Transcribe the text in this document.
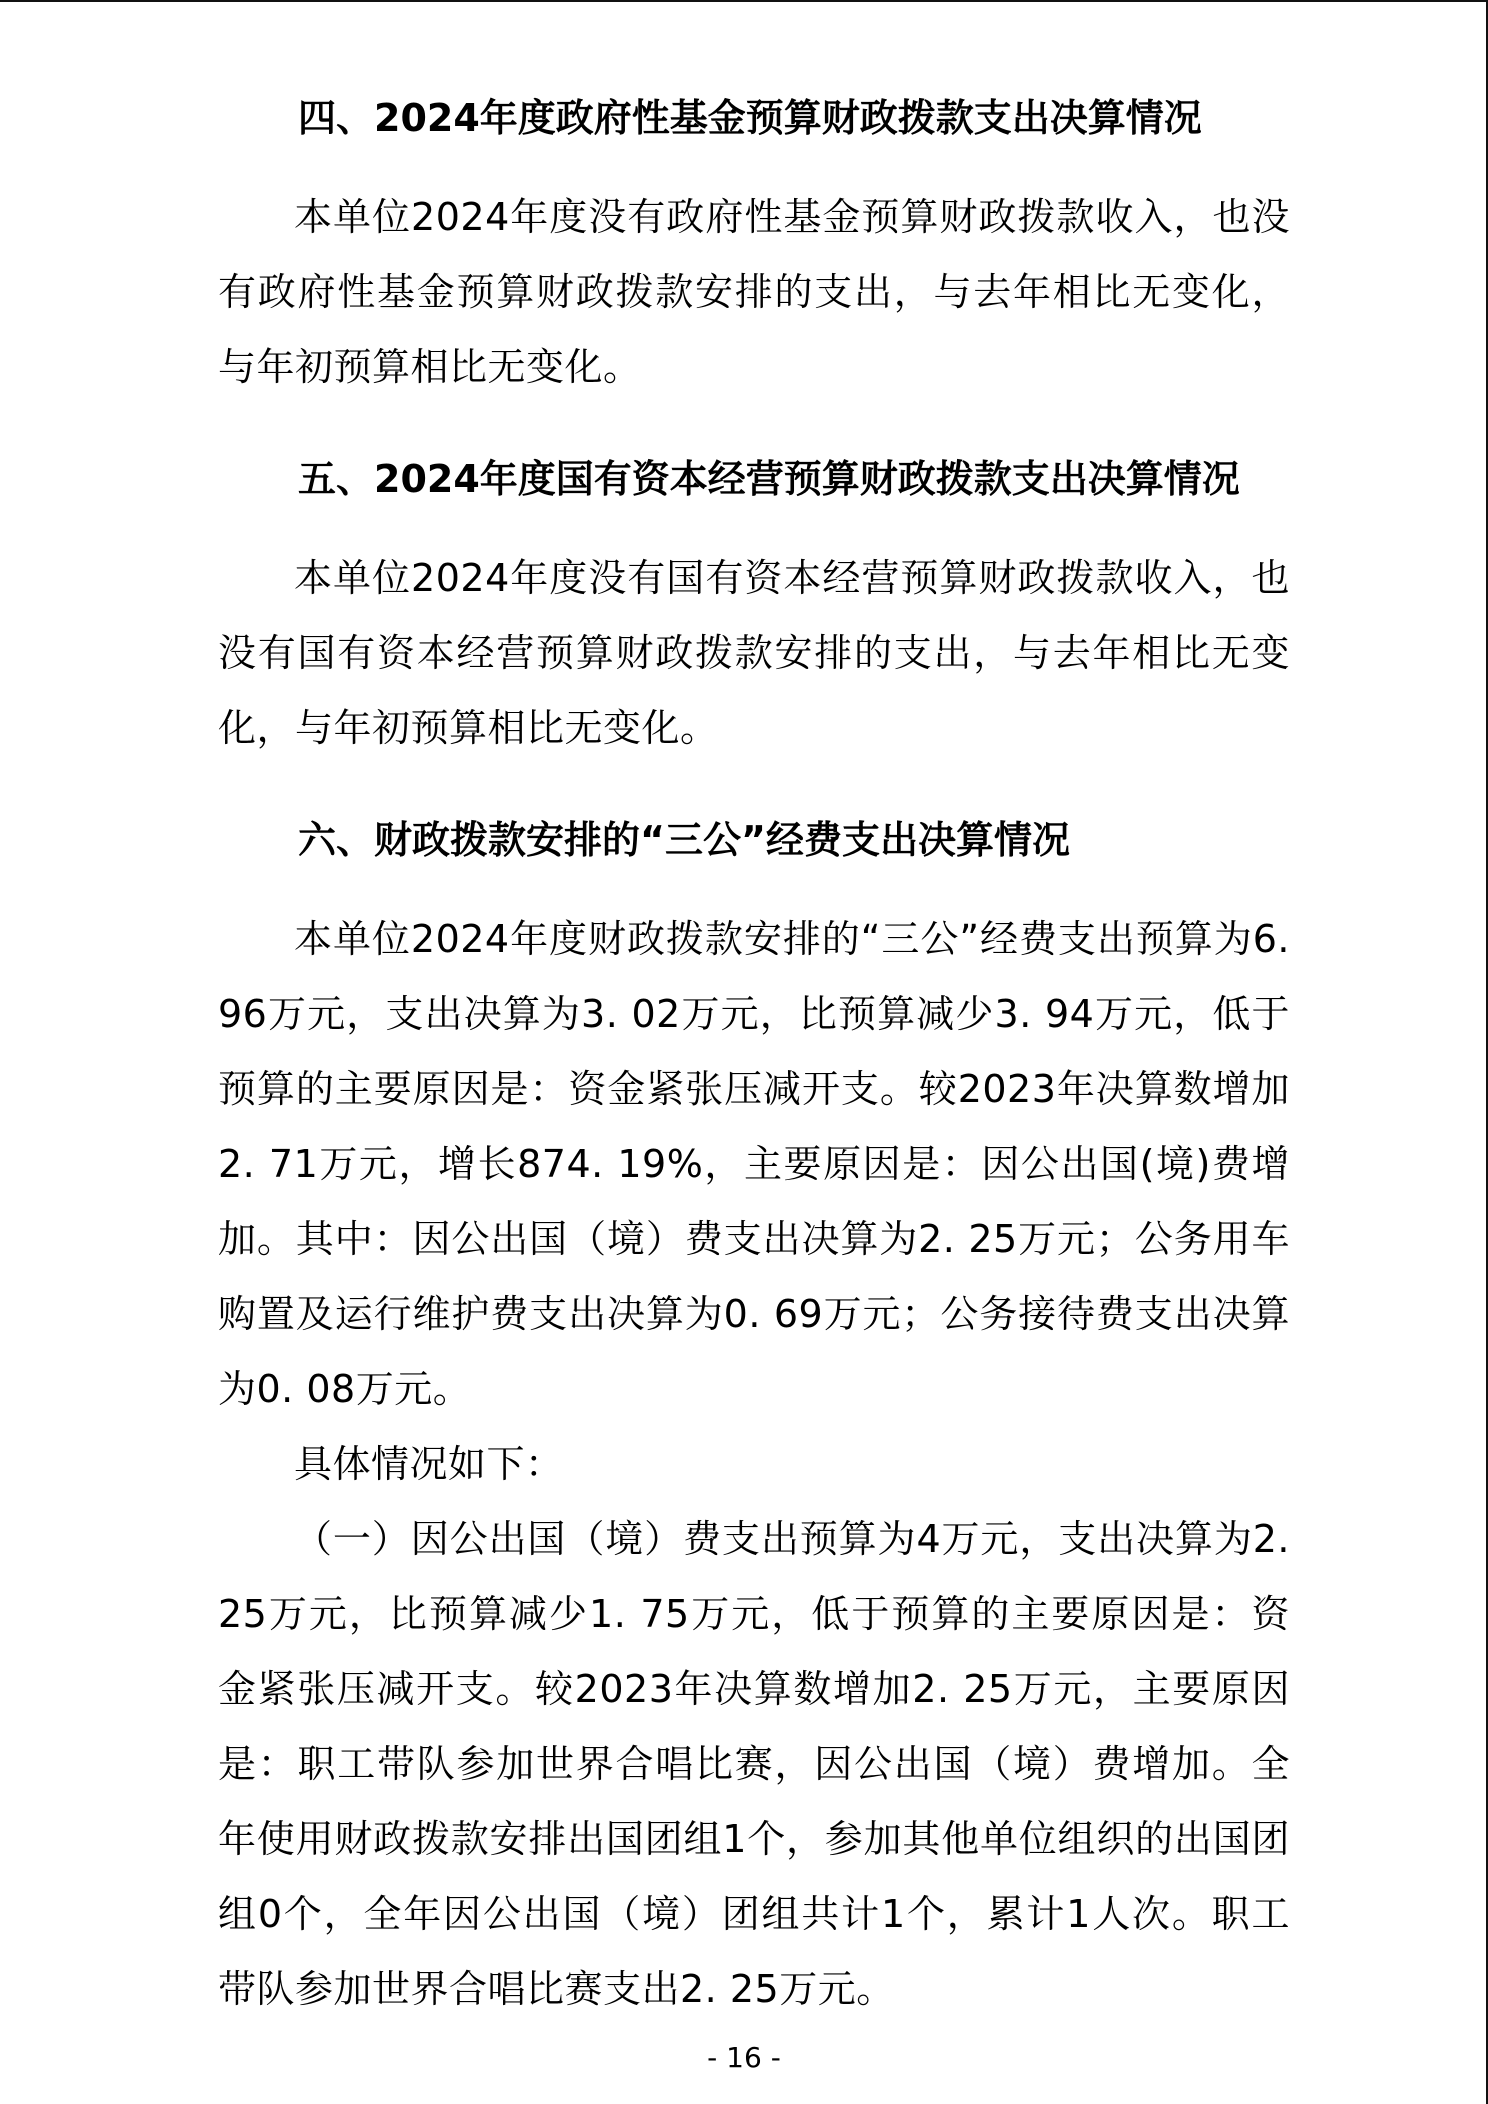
四、2024年度政府性基金预算财政拨款支出决算情况

本单位2024年度没有政府性基金预算财政拨款收入，也没有政府性基金预算财政拨款安排的支出，与去年相比无变化，与年初预算相比无变化。

五、2024年度国有资本经营预算财政拨款支出决算情况

本单位2024年度没有国有资本经营预算财政拨款收入，也没有国有资本经营预算财政拨款安排的支出，与去年相比无变化，与年初预算相比无变化。

六、财政拨款安排的“三公”经费支出决算情况

本单位2024年度财政拨款安排的“三公”经费支出预算为6. 96万元，支出决算为3. 02万元，比预算减少3. 94万元，低于预算的主要原因是：资金紧张压减开支。较2023年决算数增加2. 71万元，增长874. 19%，主要原因是：因公出国(境)费增加。其中：因公出国（境）费支出决算为2. 25万元；公务用车购置及运行维护费支出决算为0. 69万元；公务接待费支出决算为0. 08万元。

具体情况如下：

（一）因公出国（境）费支出预算为4万元，支出决算为2. 25万元，比预算减少1. 75万元，低于预算的主要原因是：资金紧张压减开支。较2023年决算数增加2. 25万元，主要原因是：职工带队参加世界合唱比赛，因公出国（境）费增加。全年使用财政拨款安排出国团组1个，参加其他单位组织的出国团组0个，全年因公出国（境）团组共计1个，累计1人次。职工带队参加世界合唱比赛支出2. 25万元。

- 16 -
